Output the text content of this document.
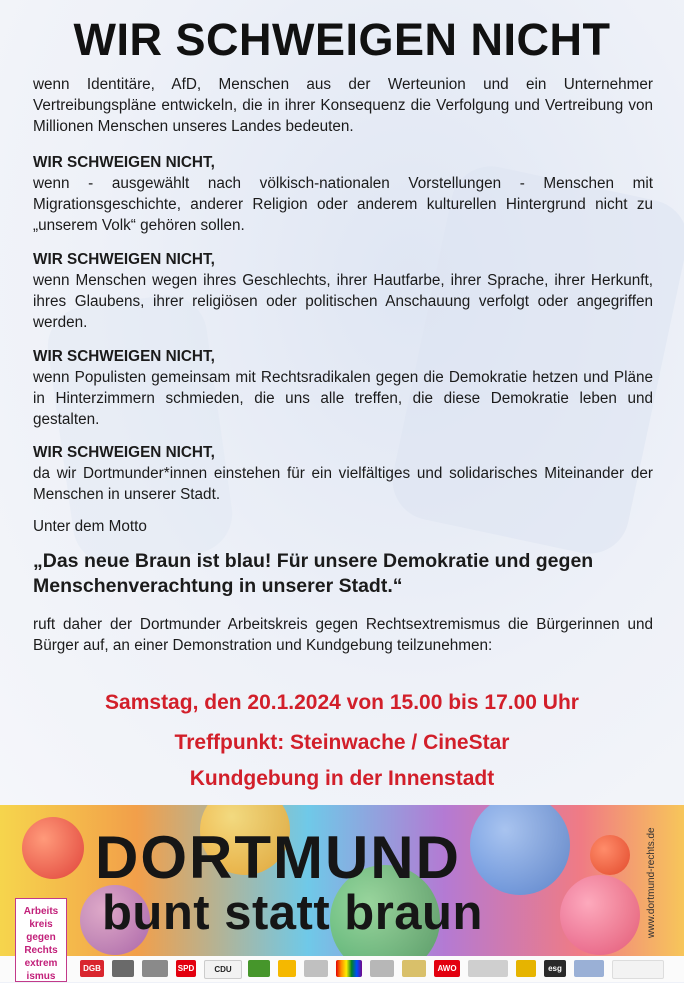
WIR SCHWEIGEN NICHT

wenn Identitäre, AfD, Menschen aus der Werteunion und ein Unternehmer Vertreibungspläne entwickeln, die in ihrer Konsequenz die Verfolgung und Vertreibung von Millionen Menschen unseres Landes bedeuten.

WIR SCHWEIGEN NICHT,
wenn - ausgewählt nach völkisch-nationalen Vorstellungen - Menschen mit Migrationsgeschichte, anderer Religion oder anderem kulturellen Hintergrund nicht zu „unserem Volk“ gehören sollen.

WIR SCHWEIGEN NICHT,
wenn Menschen wegen ihres Geschlechts, ihrer Hautfarbe, ihrer Sprache, ihrer Herkunft, ihres Glaubens, ihrer religiösen oder politischen Anschauung verfolgt oder angegriffen werden.

WIR SCHWEIGEN NICHT,
wenn Populisten gemeinsam mit Rechtsradikalen gegen die Demokratie hetzen und Pläne in Hinterzimmern schmieden, die uns alle treffen, die diese Demokratie leben und gestalten.

WIR SCHWEIGEN NICHT,
da wir Dortmunder*innen einstehen für ein vielfältiges und solidarisches Miteinander der Menschen in unserer Stadt.

Unter dem Motto

„Das neue Braun ist blau! Für unsere Demokratie und gegen Menschenverachtung in unserer Stadt.“

ruft daher der Dortmunder Arbeitskreis gegen Rechtsextremismus die Bürgerinnen und Bürger auf, an einer Demonstration und Kundgebung teilzunehmen:

Samstag, den 20.1.2024 von 15.00 bis 17.00 Uhr
Treffpunkt: Steinwache / CineStar
Kundgebung in der Innenstadt
DORTMUND
bunt statt braun	www.dortmund-rechts.de
Arbeits
kreis
gegen
Rechts
extrem
ismus
DGB	SPD	CDU	AWO	esg
